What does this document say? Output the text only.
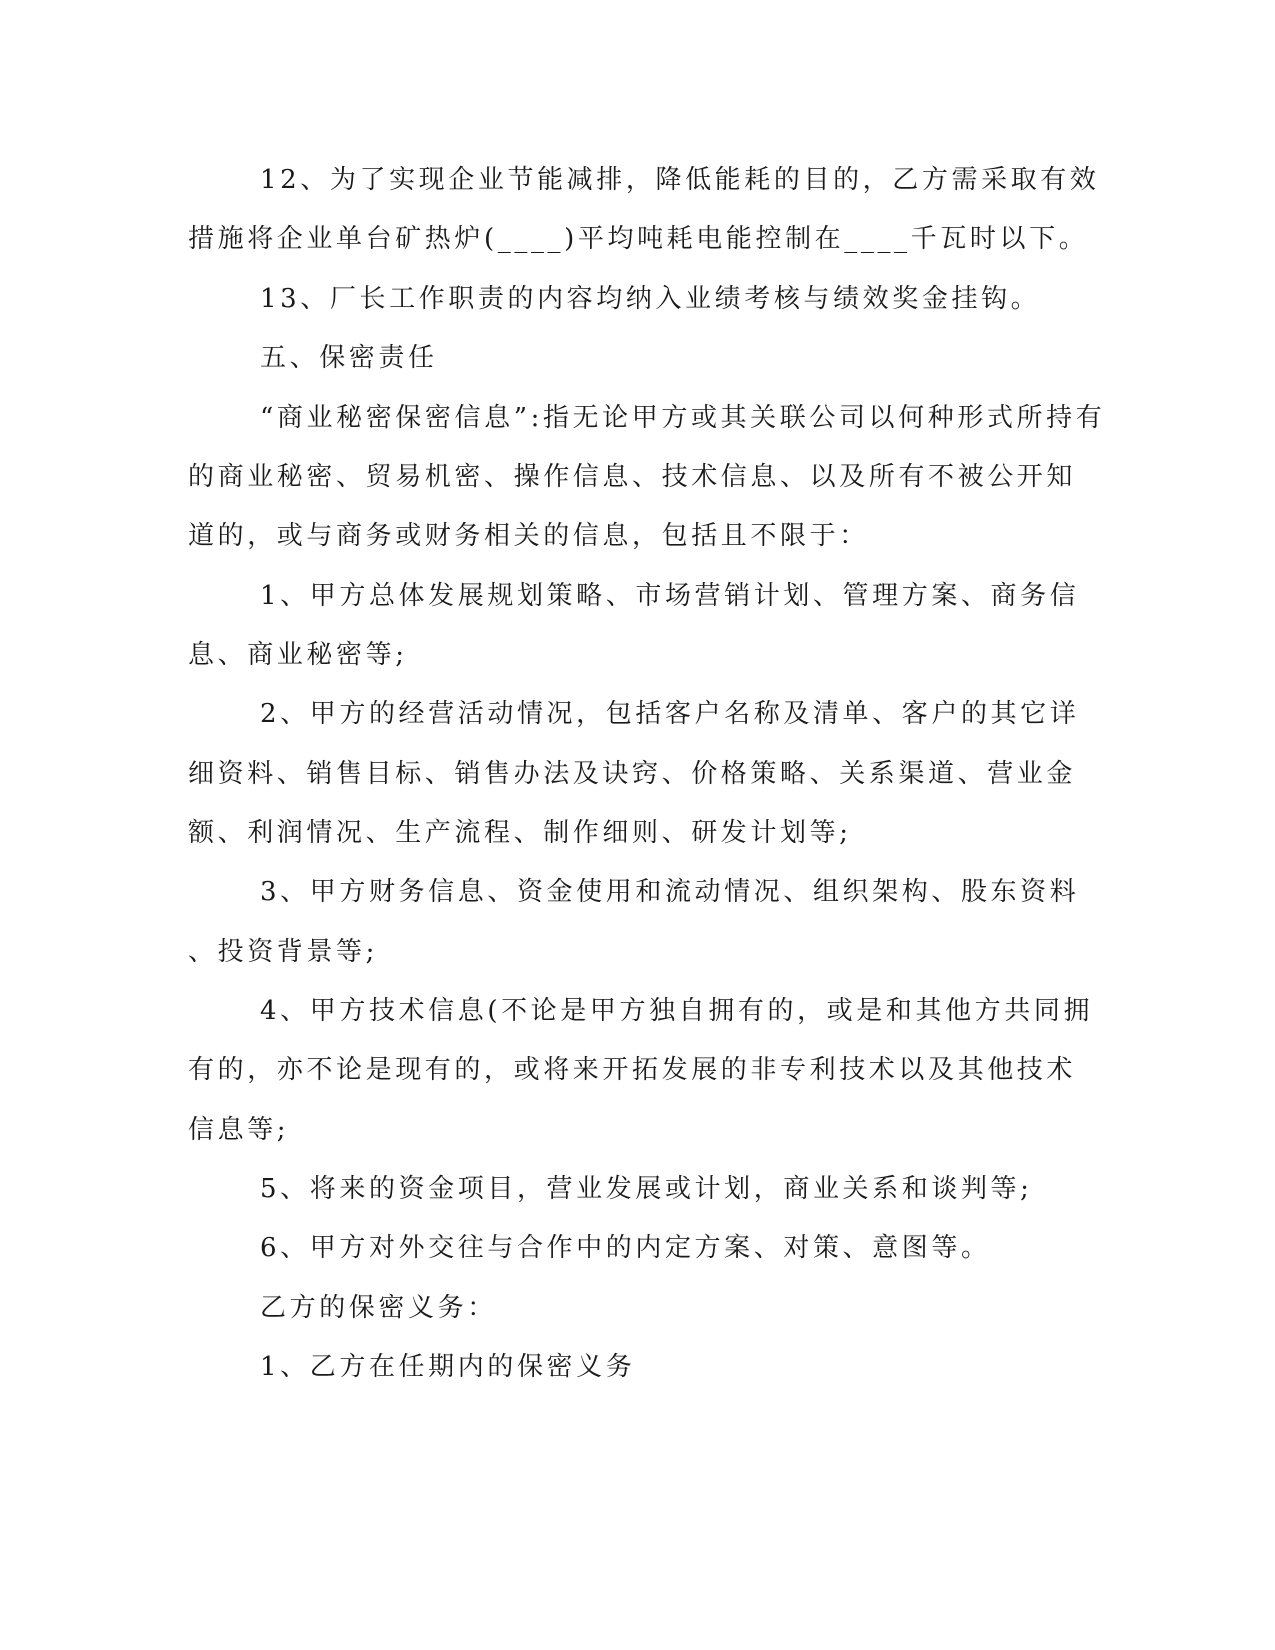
12、为了实现企业节能减排，降低能耗的目的，乙方需采取有效
措施将企业单台矿热炉(____)平均吨耗电能控制在____千瓦时以下。
13、厂长工作职责的内容均纳入业绩考核与绩效奖金挂钩。
五、保密责任
“商业秘密保密信息”:指无论甲方或其关联公司以何种形式所持有
的商业秘密、贸易机密、操作信息、技术信息、以及所有不被公开知
道的，或与商务或财务相关的信息，包括且不限于：
1、甲方总体发展规划策略、市场营销计划、管理方案、商务信
息、商业秘密等;
2、甲方的经营活动情况，包括客户名称及清单、客户的其它详
细资料、销售目标、销售办法及诀窍、价格策略、关系渠道、营业金
额、利润情况、生产流程、制作细则、研发计划等;
3、甲方财务信息、资金使用和流动情况、组织架构、股东资料
、投资背景等;
4、甲方技术信息(不论是甲方独自拥有的，或是和其他方共同拥
有的，亦不论是现有的，或将来开拓发展的非专利技术以及其他技术
信息等;
5、将来的资金项目，营业发展或计划，商业关系和谈判等;
6、甲方对外交往与合作中的内定方案、对策、意图等。
乙方的保密义务：
1、乙方在任期内的保密义务
